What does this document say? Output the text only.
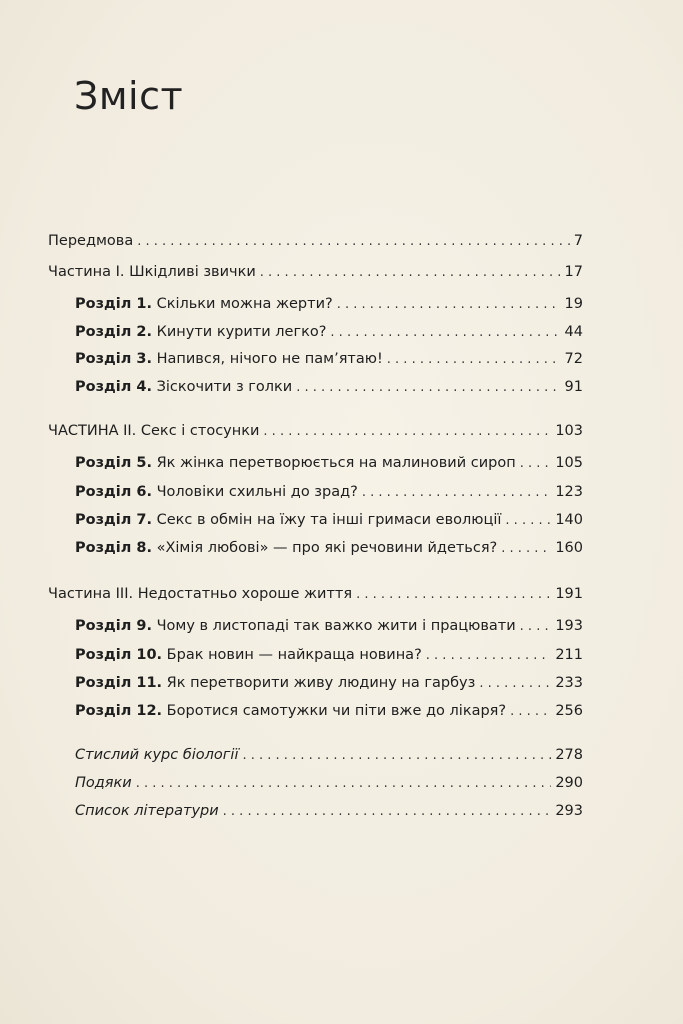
Зміст
Передмова . . .	7
Частина I. Шкідливі звички . . .	17
Розділ 1. Скільки можна жерти? . . .	19
Розділ 2. Кинути курити легко? . . .	44
Розділ 3. Напився, нічого не пам’ятаю! . . .	72
Розділ 4. Зіскочити з голки . . .	91
ЧАСТИНА II. Секс і стосунки . . .	103
Розділ 5. Як жінка перетворюється на малиновий сироп . . .	105
Розділ 6. Чоловіки схильні до зрад? . . .	123
Розділ 7. Секс в обмін на їжу та інші гримаси еволюції . . .	140
Розділ 8. «Хімія любові» — про які речовини йдеться? . . .	160
Частина III. Недостатньо хороше життя . . .	191
Розділ 9. Чому в листопаді так важко жити і працювати . . .	193
Розділ 10. Брак новин — найкраща новина? . . .	211
Розділ 11. Як перетворити живу людину на гарбуз . . .	233
Розділ 12. Боротися самотужки чи піти вже до лікаря? . . .	256
Стислий курс біології . . .	278
Подяки . . .	290
Список літератури . . .	293
